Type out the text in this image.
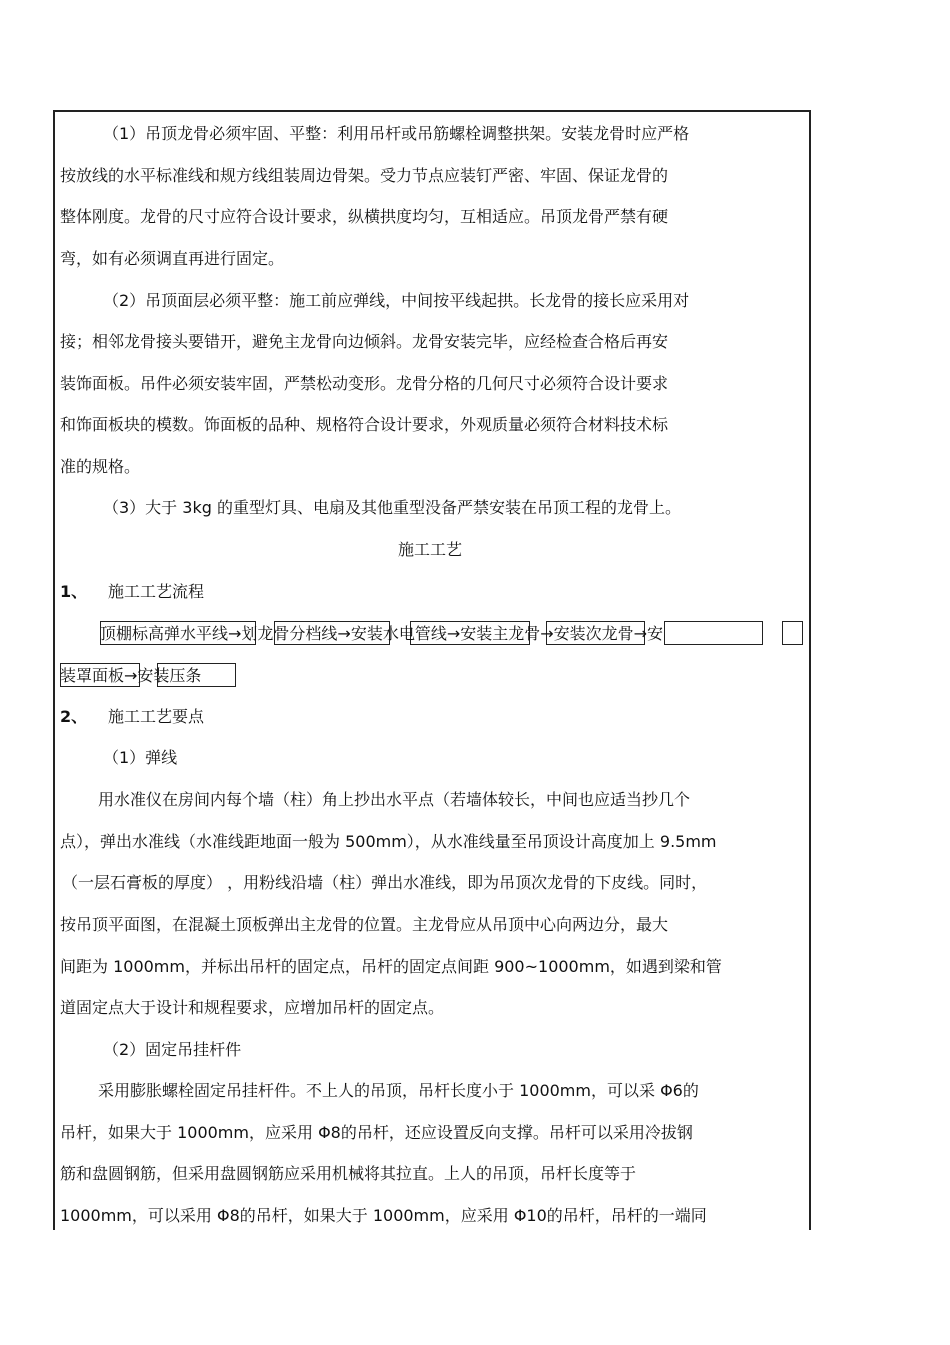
（1）吊顶龙骨必须牢固、平整：利用吊杆或吊筋螺栓调整拱架。安装龙骨时应严格
按放线的水平标准线和规方线组装周边骨架。受力节点应装钉严密、牢固、保证龙骨的
整体刚度。龙骨的尺寸应符合设计要求，纵横拱度均匀，互相适应。吊顶龙骨严禁有硬
弯，如有必须调直再进行固定。
（2）吊顶面层必须平整：施工前应弹线，中间按平线起拱。长龙骨的接长应采用对
接；相邻龙骨接头要错开，避免主龙骨向边倾斜。龙骨安装完毕，应经检查合格后再安
装饰面板。吊件必须安装牢固，严禁松动变形。龙骨分格的几何尺寸必须符合设计要求
和饰面板块的模数。饰面板的品种、规格符合设计要求，外观质量必须符合材料技术标
准的规格。
（3）大于 3kg 的重型灯具、电扇及其他重型没备严禁安装在吊顶工程的龙骨上。
施工工艺
1、 施工工艺流程
顶棚标高弹水平线→划龙骨分档线→安装水电管线→安装主龙骨→安装次龙骨→安
装罩面板→安装压条
2、 施工工艺要点
（1）弹线
用水准仪在房间内每个墙（柱）角上抄出水平点（若墙体较长，中间也应适当抄几个
点），弹出水准线（水准线距地面一般为 500mm），从水准线量至吊顶设计高度加上 9.5mm
（一层石膏板的厚度） ，用粉线沿墙（柱）弹出水准线，即为吊顶次龙骨的下皮线。同时，
按吊顶平面图，在混凝土顶板弹出主龙骨的位置。主龙骨应从吊顶中心向两边分，最大
间距为 1000mm，并标出吊杆的固定点，吊杆的固定点间距 900~1000mm，如遇到梁和管
道固定点大于设计和规程要求，应增加吊杆的固定点。
（2）固定吊挂杆件
采用膨胀螺栓固定吊挂杆件。不上人的吊顶，吊杆长度小于 1000mm，可以采 Φ6的
吊杆，如果大于 1000mm，应采用 Φ8的吊杆，还应设置反向支撑。吊杆可以采用冷拔钢
筋和盘圆钢筋，但采用盘圆钢筋应采用机械将其拉直。上人的吊顶，吊杆长度等于
1000mm，可以采用 Φ8的吊杆，如果大于 1000mm，应采用 Φ10的吊杆，吊杆的一端同
